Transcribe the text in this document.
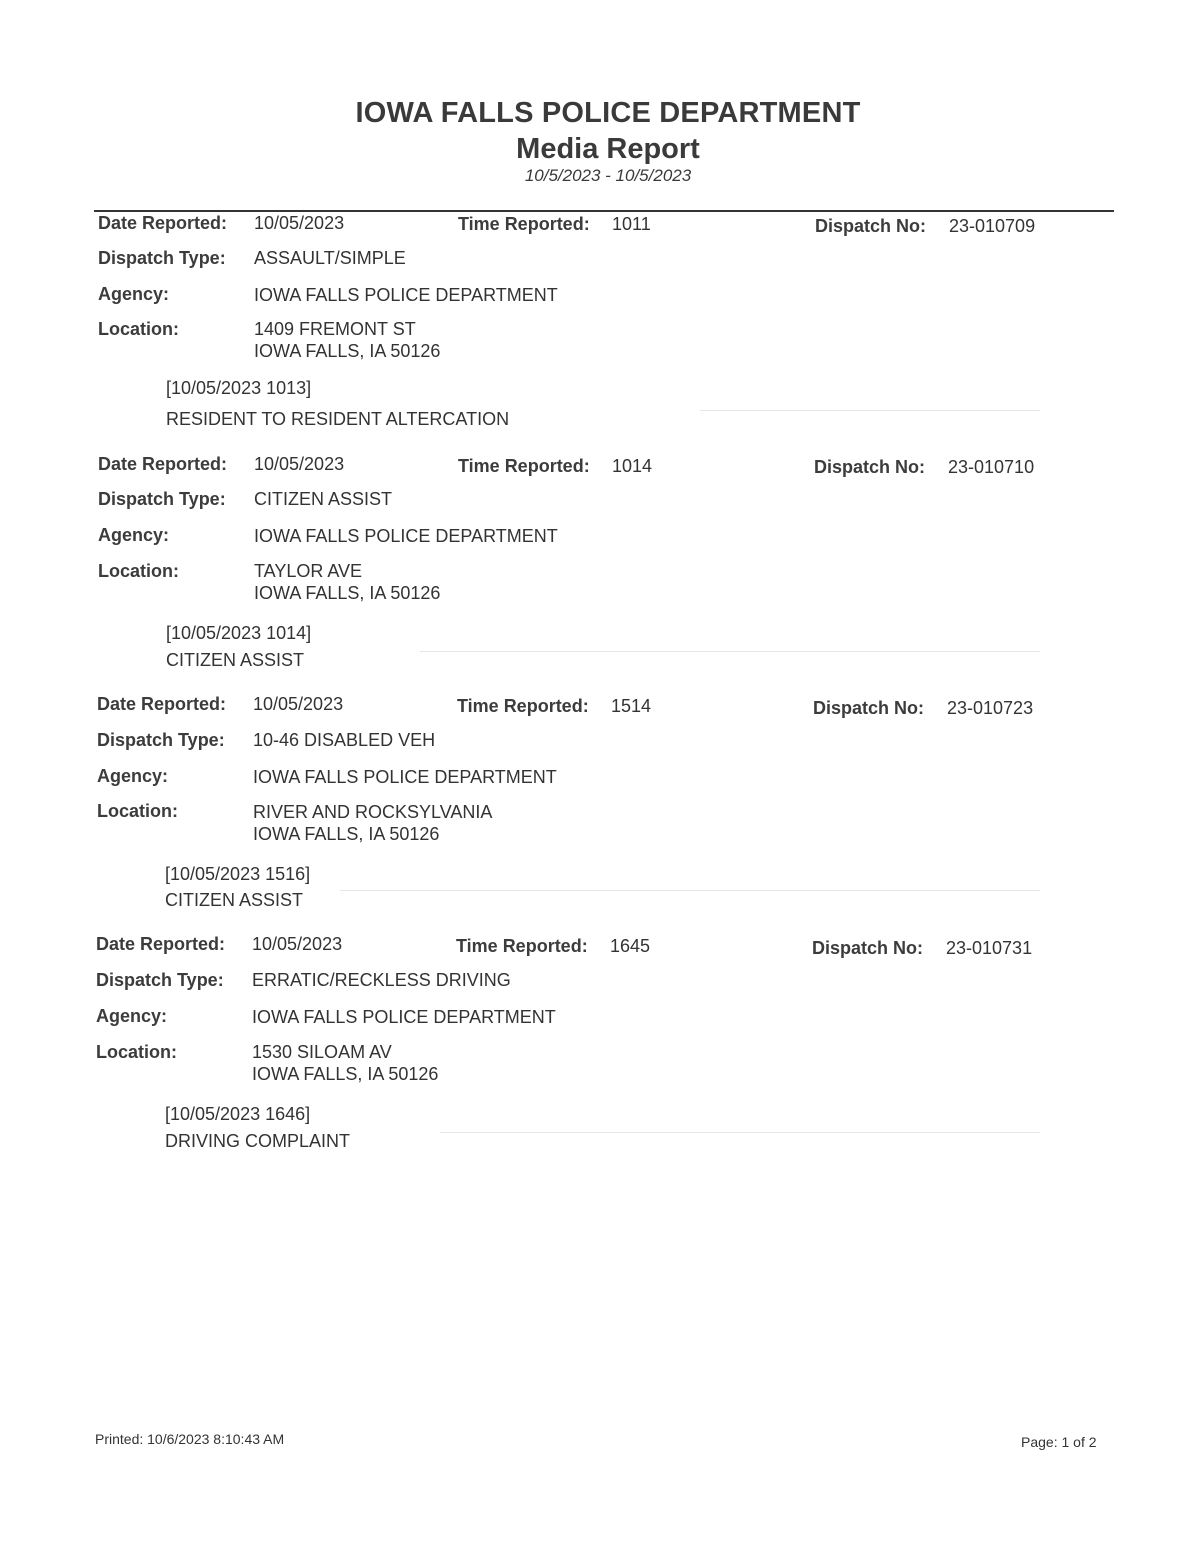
IOWA FALLS POLICE DEPARTMENT
Media Report
10/5/2023 - 10/5/2023
Date Reported: 10/05/2023	Time Reported: 1011	Dispatch No: 23-010709
Dispatch Type: ASSAULT/SIMPLE
Agency:	IOWA FALLS POLICE DEPARTMENT
Location:	1409 FREMONT ST
IOWA FALLS, IA 50126
[10/05/2023 1013]
RESIDENT TO RESIDENT ALTERCATION
Date Reported: 10/05/2023	Time Reported: 1014	Dispatch No: 23-010710
Dispatch Type: CITIZEN ASSIST
Agency:	IOWA FALLS POLICE DEPARTMENT
Location:	TAYLOR AVE
IOWA FALLS, IA 50126
[10/05/2023 1014]
CITIZEN ASSIST
Date Reported: 10/05/2023	Time Reported: 1514	Dispatch No: 23-010723
Dispatch Type: 10-46 DISABLED VEH
Agency:	IOWA FALLS POLICE DEPARTMENT
Location:	RIVER AND ROCKSYLVANIA
IOWA FALLS, IA 50126
[10/05/2023 1516]
CITIZEN ASSIST
Date Reported: 10/05/2023	Time Reported: 1645	Dispatch No: 23-010731
Dispatch Type: ERRATIC/RECKLESS DRIVING
Agency:	IOWA FALLS POLICE DEPARTMENT
Location:	1530 SILOAM AV
IOWA FALLS, IA 50126
[10/05/2023 1646]
DRIVING COMPLAINT
Printed: 10/6/2023 8:10:43 AM	Page: 1 of 2
